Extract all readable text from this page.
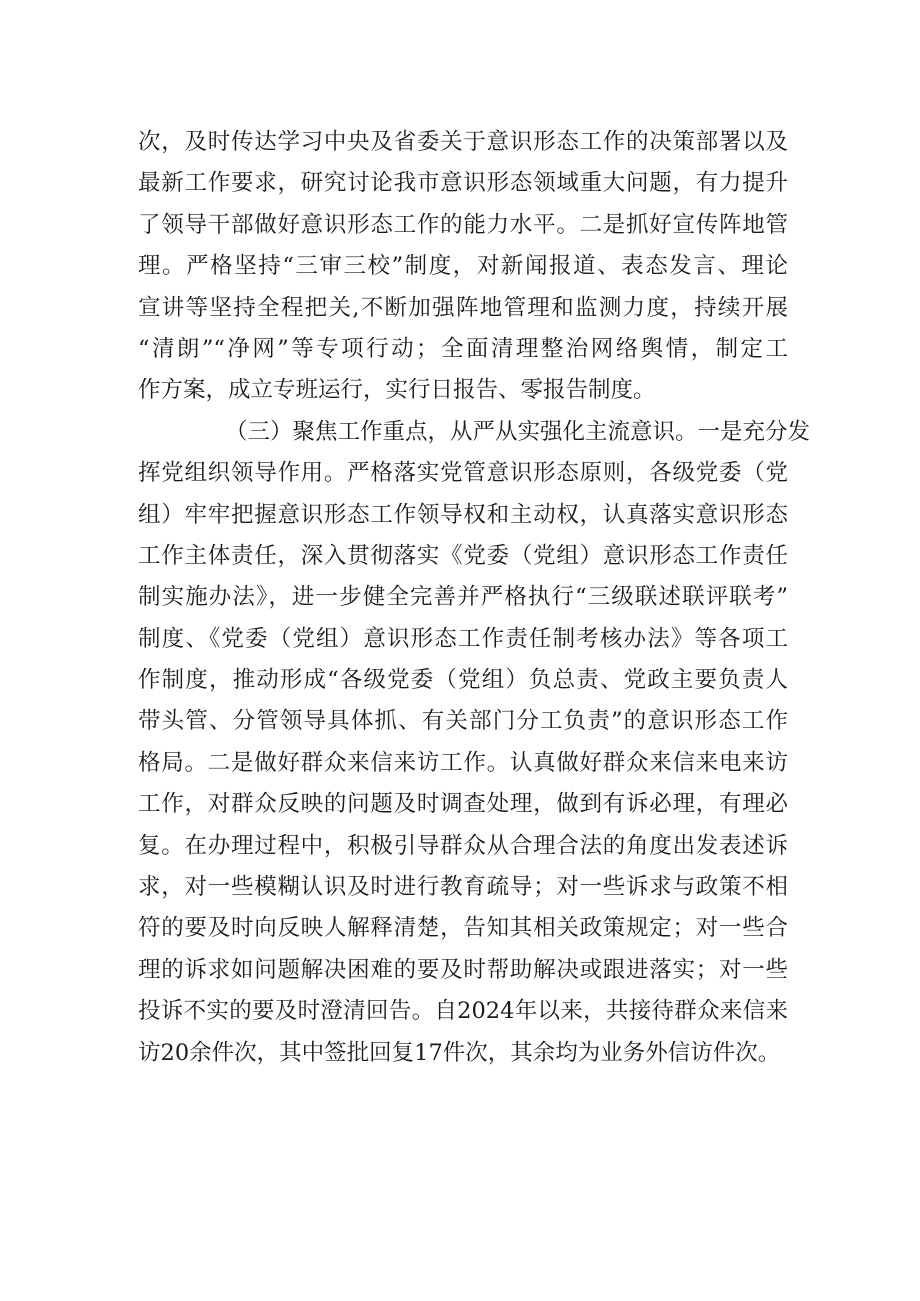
次，及时传达学习中央及省委关于意识形态工作的决策部署以及
最新工作要求，研究讨论我市意识形态领域重大问题，有力提升
了领导干部做好意识形态工作的能力水平。二是抓好宣传阵地管
理。严格坚持“三审三校”制度，对新闻报道、表态发言、理论
宣讲等坚持全程把关,不断加强阵地管理和监测力度，持续开展
“清朗”“净网”等专项行动；全面清理整治网络舆情，制定工
作方案，成立专班运行，实行日报告、零报告制度。
（三）聚焦工作重点，从严从实强化主流意识。一是充分发
挥党组织领导作用。严格落实党管意识形态原则，各级党委（党
组）牢牢把握意识形态工作领导权和主动权，认真落实意识形态
工作主体责任，深入贯彻落实《党委（党组）意识形态工作责任
制实施办法》，进一步健全完善并严格执行“三级联述联评联考”
制度、《党委（党组）意识形态工作责任制考核办法》等各项工
作制度，推动形成“各级党委（党组）负总责、党政主要负责人
带头管、分管领导具体抓、有关部门分工负责”的意识形态工作
格局。二是做好群众来信来访工作。认真做好群众来信来电来访
工作，对群众反映的问题及时调查处理，做到有诉必理，有理必
复。在办理过程中，积极引导群众从合理合法的角度出发表述诉
求，对一些模糊认识及时进行教育疏导；对一些诉求与政策不相
符的要及时向反映人解释清楚，告知其相关政策规定；对一些合
理的诉求如问题解决困难的要及时帮助解决或跟进落实；对一些
投诉不实的要及时澄清回告。自2024年以来，共接待群众来信来
访20余件次，其中签批回复17件次，其余均为业务外信访件次。
